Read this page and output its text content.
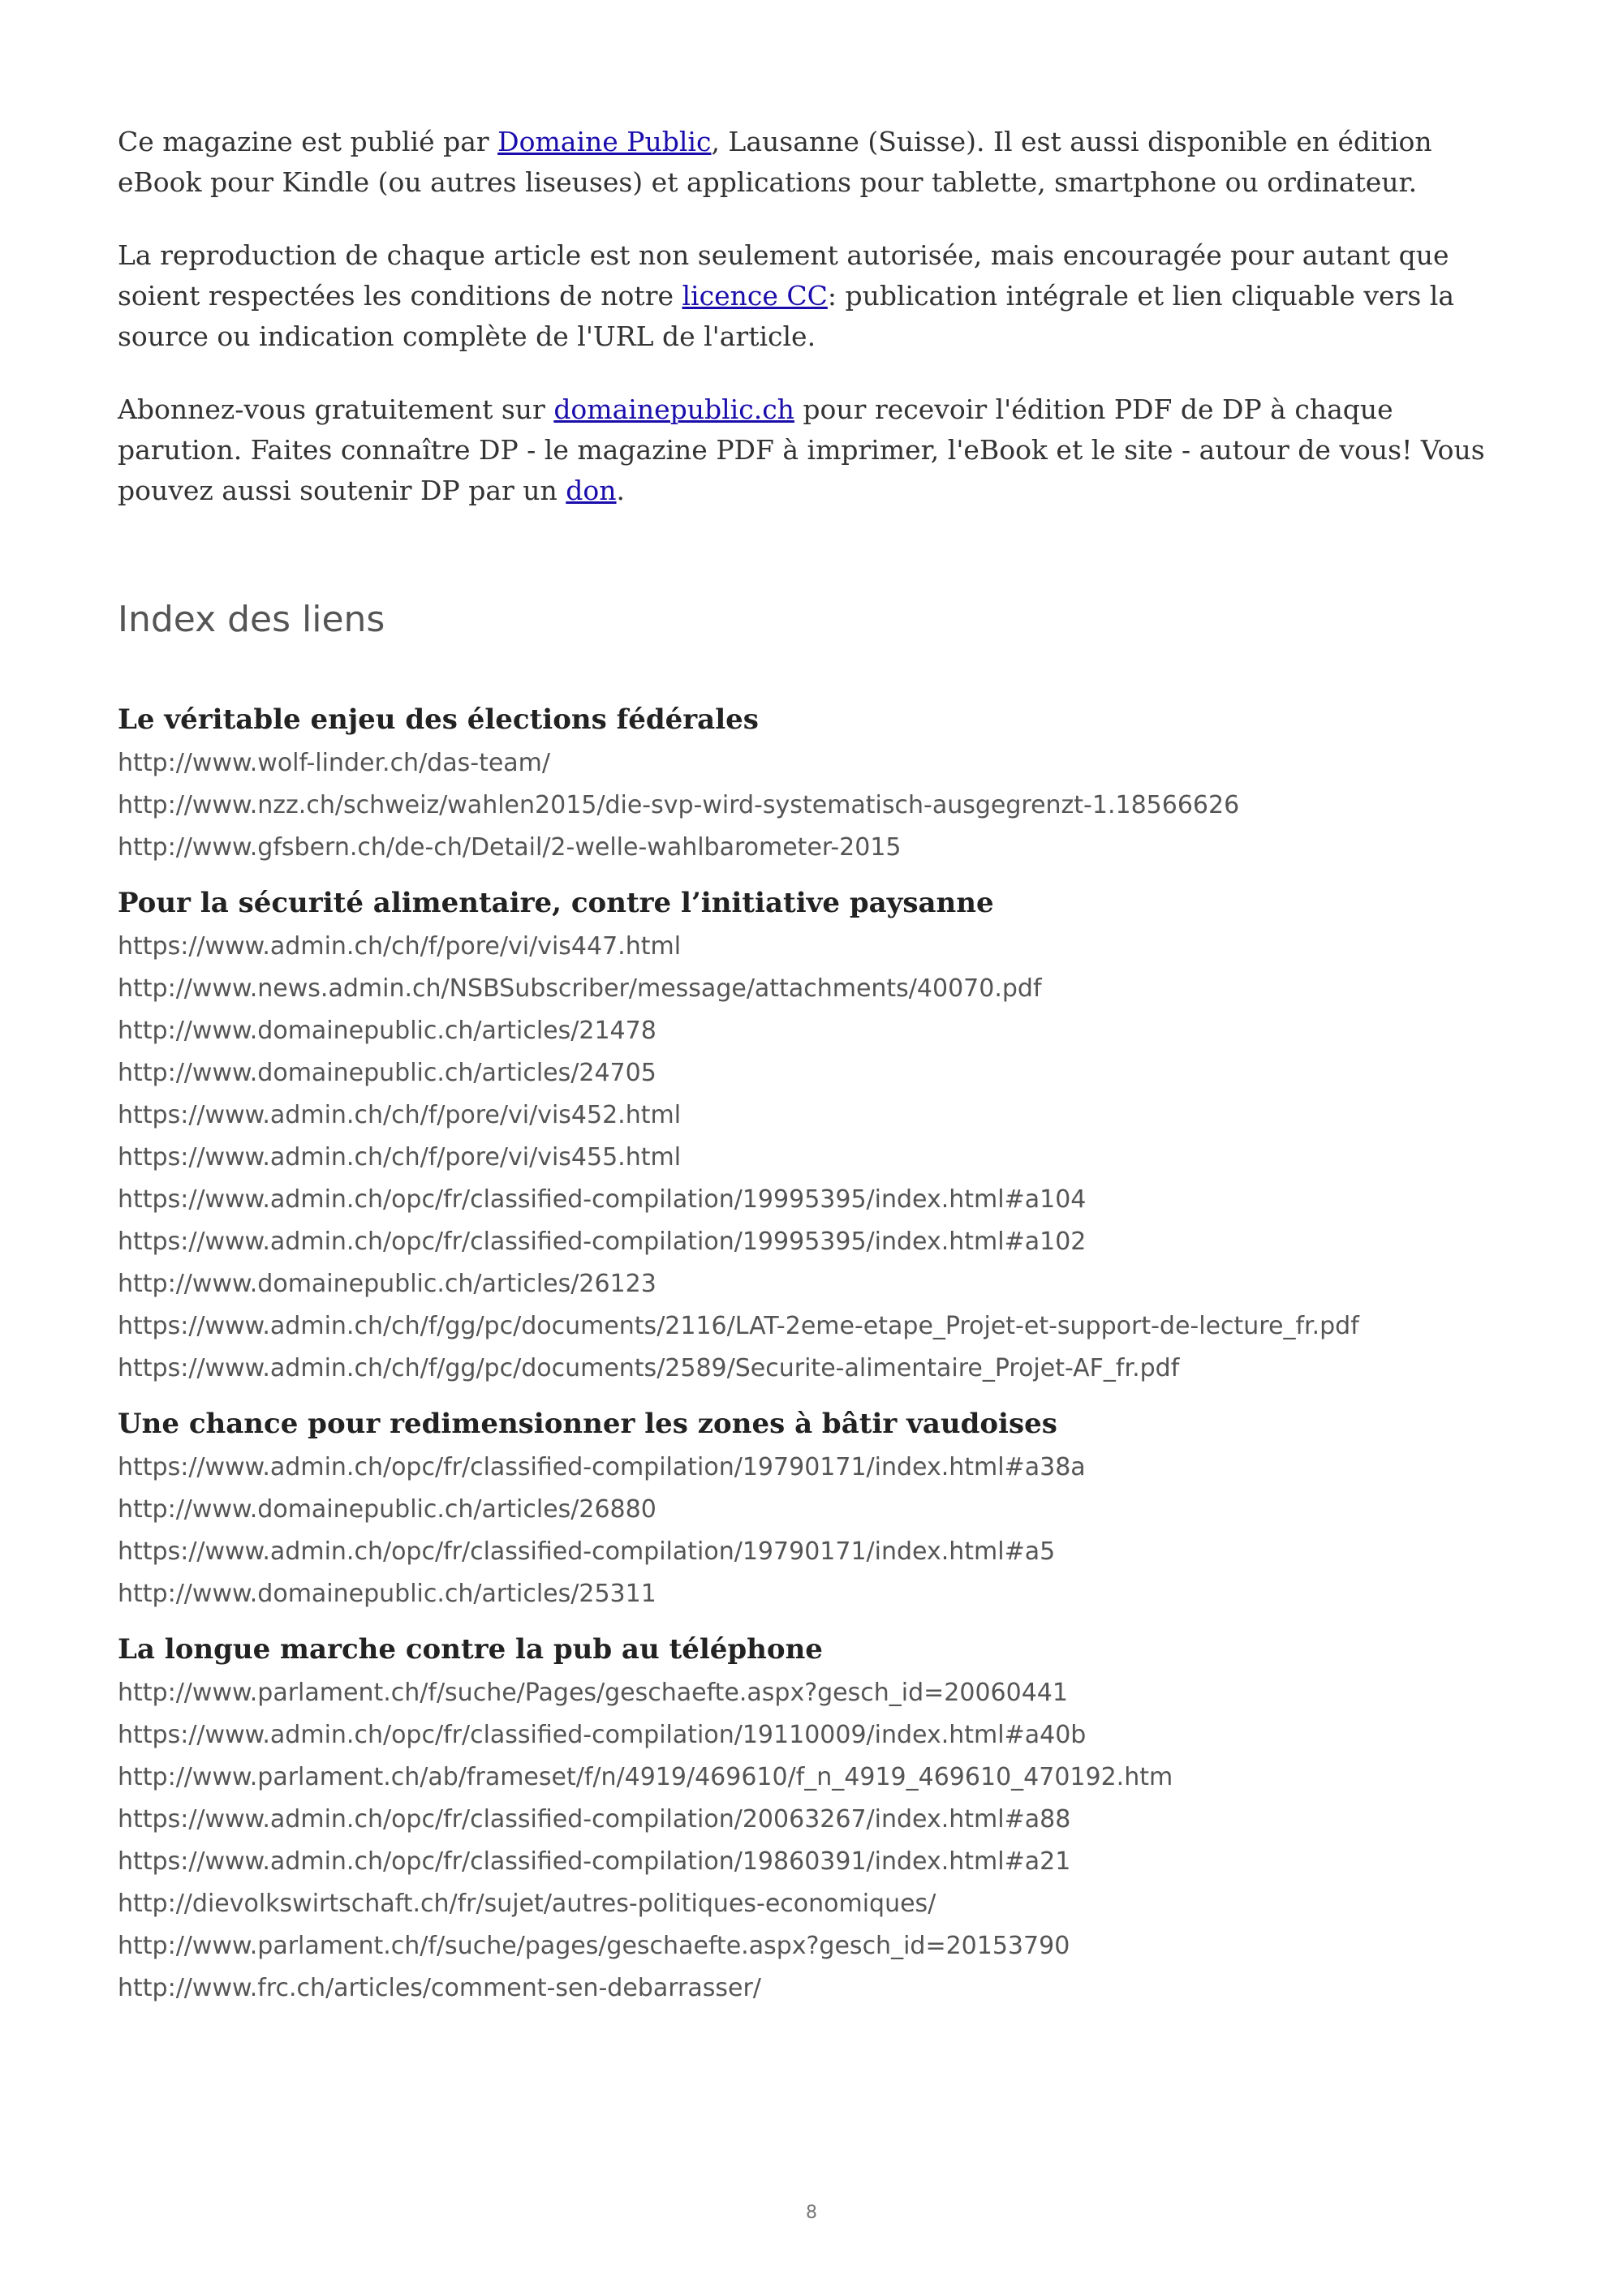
Ce magazine est publié par Domaine Public, Lausanne (Suisse). Il est aussi disponible en édition eBook pour Kindle (ou autres liseuses) et applications pour tablette, smartphone ou ordinateur.

La reproduction de chaque article est non seulement autorisée, mais encouragée pour autant que soient respectées les conditions de notre licence CC: publication intégrale et lien cliquable vers la source ou indication complète de l'URL de l'article.

Abonnez-vous gratuitement sur domainepublic.ch pour recevoir l'édition PDF de DP à chaque parution. Faites connaître DP - le magazine PDF à imprimer, l'eBook et le site - autour de vous! Vous pouvez aussi soutenir DP par un don.

Index des liens
Le véritable enjeu des élections fédérales
http://www.wolf-linder.ch/das-team/
http://www.nzz.ch/schweiz/wahlen2015/die-svp-wird-systematisch-ausgegrenzt-1.18566626
http://www.gfsbern.ch/de-ch/Detail/2-welle-wahlbarometer-2015
Pour la sécurité alimentaire, contre l’initiative paysanne
https://www.admin.ch/ch/f/pore/vi/vis447.html
http://www.news.admin.ch/NSBSubscriber/message/attachments/40070.pdf
http://www.domainepublic.ch/articles/21478
http://www.domainepublic.ch/articles/24705
https://www.admin.ch/ch/f/pore/vi/vis452.html
https://www.admin.ch/ch/f/pore/vi/vis455.html
https://www.admin.ch/opc/fr/classified-compilation/19995395/index.html#a104
https://www.admin.ch/opc/fr/classified-compilation/19995395/index.html#a102
http://www.domainepublic.ch/articles/26123
https://www.admin.ch/ch/f/gg/pc/documents/2116/LAT-2eme-etape_Projet-et-support-de-lecture_fr.pdf
https://www.admin.ch/ch/f/gg/pc/documents/2589/Securite-alimentaire_Projet-AF_fr.pdf
Une chance pour redimensionner les zones à bâtir vaudoises
https://www.admin.ch/opc/fr/classified-compilation/19790171/index.html#a38a
http://www.domainepublic.ch/articles/26880
https://www.admin.ch/opc/fr/classified-compilation/19790171/index.html#a5
http://www.domainepublic.ch/articles/25311
La longue marche contre la pub au téléphone
http://www.parlament.ch/f/suche/Pages/geschaefte.aspx?gesch_id=20060441
https://www.admin.ch/opc/fr/classified-compilation/19110009/index.html#a40b
http://www.parlament.ch/ab/frameset/f/n/4919/469610/f_n_4919_469610_470192.htm
https://www.admin.ch/opc/fr/classified-compilation/20063267/index.html#a88
https://www.admin.ch/opc/fr/classified-compilation/19860391/index.html#a21
http://dievolkswirtschaft.ch/fr/sujet/autres-politiques-economiques/
http://www.parlament.ch/f/suche/pages/geschaefte.aspx?gesch_id=20153790
http://www.frc.ch/articles/comment-sen-debarrasser/
8
